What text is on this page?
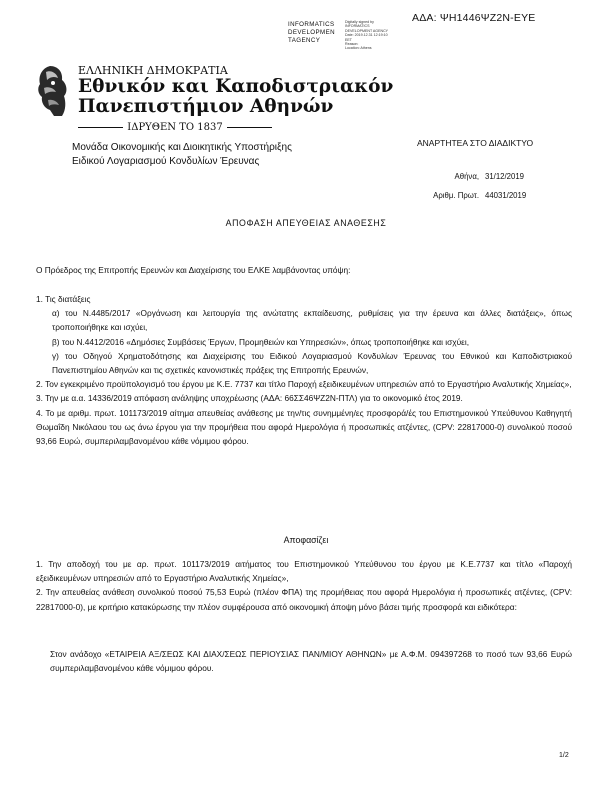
ΑΔΑ: ΨΗ1446ΨΖ2Ν-ΕΥΕ
INFORMATICS
DEVELOPMEN
TAGENCY
Digitally signed by
INFORMATICS
DEVELOPMENT AGENCY
Date: 2019.12.31 12:19:10
EET
Reason:
Location: Athens
ΕΛΛΗΝΙΚΗ ΔΗΜΟΚΡΑΤΙΑ
Εθνικόν και Καποδιστριακόν
Πανεπιστήμιον Αθηνών
ΙΔΡΥΘΕΝ ΤΟ 1837
Μονάδα Οικονομικής και Διοικητικής Υποστήριξης
Ειδικού Λογαριασμού Κονδυλίων Έρευνας
ΑΝΑΡΤΗΤΕΑ ΣΤΟ ΔΙΑΔΙΚΤΥΟ
Αθήνα, 31/12/2019
Αριθμ. Πρωτ. 44031/2019
ΑΠΟΦΑΣΗ ΑΠΕΥΘΕΙΑΣ ΑΝΑΘΕΣΗΣ

Ο Πρόεδρος της Επιτροπής Ερευνών και Διαχείρισης του ΕΛΚΕ λαμβάνοντας υπόψη:

1. Τις διατάξεις

α) του Ν.4485/2017 «Οργάνωση και λειτουργία της ανώτατης εκπαίδευσης, ρυθμίσεις για την έρευνα και άλλες διατάξεις», όπως τροποποιήθηκε και ισχύει,

β) του Ν.4412/2016 «Δημόσιες Συμβάσεις Έργων, Προμηθειών και Υπηρεσιών», όπως τροποποιήθηκε και ισχύει,

γ) του Οδηγού Χρηματοδότησης και Διαχείρισης του Ειδικού Λογαριασμού Κονδυλίων Έρευνας του Εθνικού και Καποδιστριακού Πανεπιστημίου Αθηνών και τις σχετικές κανονιστικές πράξεις της Επιτροπής Ερευνών,

2. Τον εγκεκριμένο προϋπολογισμό του έργου με Κ.Ε. 7737 και τίτλο Παροχή εξειδικευμένων υπηρεσιών από το Εργαστήριο Αναλυτικής Χημείας»,

3. Την με α.α. 14336/2019 απόφαση ανάληψης υποχρέωσης (ΑΔΑ: 66ΣΣ46ΨΖ2Ν-ΠΤΛ) για το οικονομικό έτος 2019.

4. Το με αριθμ. πρωτ. 101173/2019 αίτημα απευθείας ανάθεσης με την/τις συνημμένη/ες προσφορά/ές του Επιστημονικού Υπεύθυνου Καθηγητή Θωμαΐδη Νικόλαου του ως άνω έργου για την προμήθεια που αφορά Ημερολόγια ή προσωπικές ατζέντες, (CPV: 22817000-0) συνολικού ποσού 93,66 Ευρώ, συμπεριλαμβανομένου κάθε νόμιμου φόρου.

Αποφασίζει

1. Την αποδοχή του με αρ. πρωτ. 101173/2019 αιτήματος του Επιστημονικού Υπεύθυνου του έργου με Κ.Ε.7737 και τίτλο «Παροχή εξειδικευμένων υπηρεσιών από το Εργαστήριο Αναλυτικής Χημείας»,

2. Την απευθείας ανάθεση συνολικού ποσού 75,53 Ευρώ (πλέον ΦΠΑ) της προμήθειας που αφορά Ημερολόγια ή προσωπικές ατζέντες, (CPV: 22817000-0), με κριτήριο κατακύρωσης την πλέον συμφέρουσα από οικονομική άποψη μόνο βάσει τιμής προσφορά και ειδικότερα:

Στον ανάδοχο «ΕΤΑΙΡΕΙΑ ΑΞ/ΣΕΩΣ ΚΑΙ ΔΙΑΧ/ΣΕΩΣ ΠΕΡΙΟΥΣΙΑΣ ΠΑΝ/ΜΙΟΥ ΑΘΗΝΩΝ» με Α.Φ.Μ. 094397268 το ποσό των 93,66 Ευρώ συμπεριλαμβανομένου κάθε νόμιμου φόρου.

1/2
